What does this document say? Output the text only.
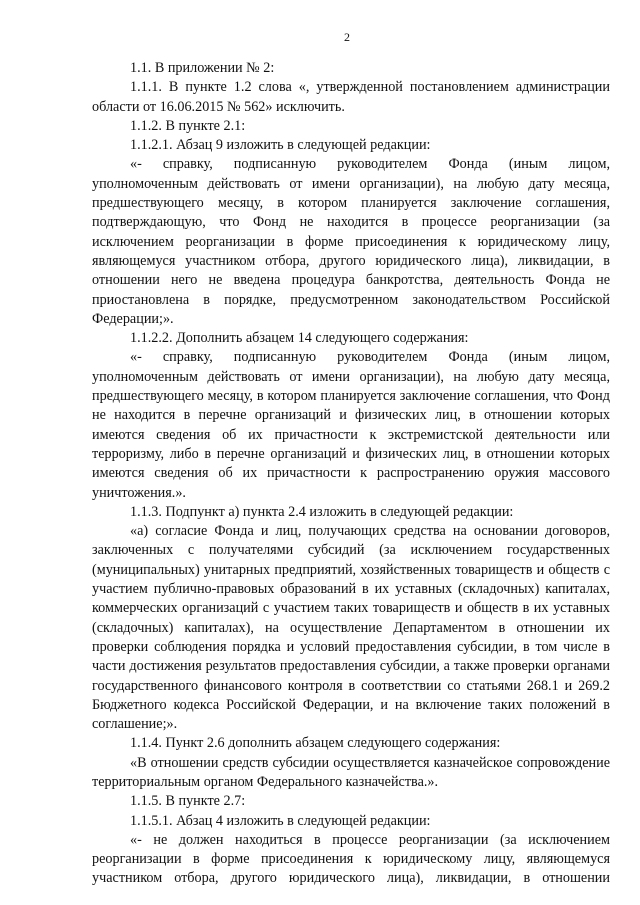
2

1.1. В приложении № 2:

1.1.1. В пункте 1.2 слова «, утвержденной постановлением администрации области от 16.06.2015 № 562» исключить.

1.1.2. В пункте 2.1:

1.1.2.1. Абзац 9 изложить в следующей редакции:

«- справку, подписанную руководителем Фонда (иным лицом, уполномоченным действовать от имени организации), на любую дату месяца, предшествующего месяцу, в котором планируется заключение соглашения, подтверждающую, что Фонд не находится в процессе реорганизации (за исключением реорганизации в форме присоединения к юридическому лицу, являющемуся участником отбора, другого юридического лица), ликвидации, в отношении него не введена процедура банкротства, деятельность Фонда не приостановлена в порядке, предусмотренном законодательством Российской Федерации;».

1.1.2.2. Дополнить абзацем 14 следующего содержания:

«- справку, подписанную руководителем Фонда (иным лицом, уполномоченным действовать от имени организации), на любую дату месяца, предшествующего месяцу, в котором планируется заключение соглашения, что Фонд не находится в перечне организаций и физических лиц, в отношении которых имеются сведения об их причастности к экстремистской деятельности или терроризму, либо в перечне организаций и физических лиц, в отношении которых имеются сведения об их причастности к распространению оружия массового уничтожения.».

1.1.3. Подпункт а) пункта 2.4 изложить в следующей редакции:

«а) согласие Фонда и лиц, получающих средства на основании договоров, заключенных с получателями субсидий (за исключением государственных (муниципальных) унитарных предприятий, хозяйственных товариществ и обществ с участием публично-правовых образований в их уставных (складочных) капиталах, коммерческих организаций с участием таких товариществ и обществ в их уставных (складочных) капиталах), на осуществление Департаментом в отношении их проверки соблюдения порядка и условий предоставления субсидии, в том числе в части достижения результатов предоставления субсидии, а также проверки органами государственного финансового контроля в соответствии со статьями 268.1 и 269.2 Бюджетного кодекса Российской Федерации, и на включение таких положений в соглашение;».

1.1.4. Пункт 2.6 дополнить абзацем следующего содержания:

«В отношении средств субсидии осуществляется казначейское сопровождение территориальным органом Федерального казначейства.».

1.1.5. В пункте 2.7:

1.1.5.1. Абзац 4 изложить в следующей редакции:

«- не должен находиться в процессе реорганизации (за исключением реорганизации в форме присоединения к юридическому лицу, являющемуся участником отбора, другого юридического лица), ликвидации, в отношении
